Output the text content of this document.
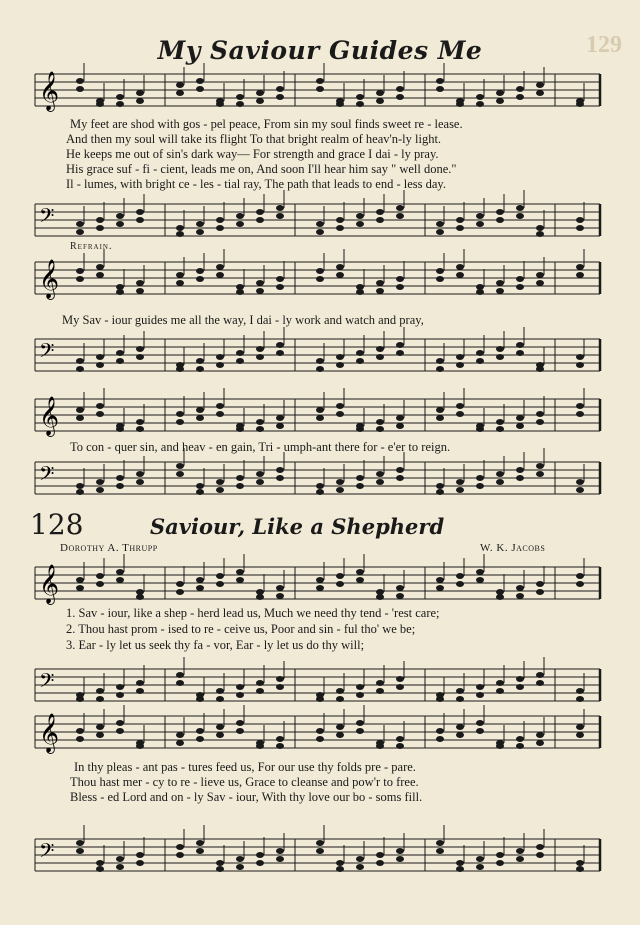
129
My Saviour Guides Me
𝄞
My feet are shod with gos - pel peace, From sin my soul finds sweet re - lease.
And then my soul will take its flight To that bright realm of heav'n-ly light.
He keeps me out of sin's dark way— For strength and grace I dai - ly pray.
His grace suf - fi - cient, leads me on, And soon I'll hear him say " well done."
Il - lumes, with bright ce - les - tial ray, The path that leads to end - less day.
𝄢
Refrain.
𝄞
My Sav - iour guides me all the way, I dai - ly work and watch and pray,
𝄢
𝄞
To con - quer sin, and heav - en gain, Tri - umph-ant there for - e'er to reign.
𝄢
128	Saviour, Like a Shepherd
Dorothy A. Thrupp	W. K. Jacobs
𝄞
1. Sav - iour, like a shep - herd lead us, Much we need thy tend - 'rest care;
2. Thou hast prom - ised to re - ceive us, Poor and sin - ful tho' we be;
3. Ear - ly let us seek thy fa - vor, Ear - ly let us do thy will;
𝄢
𝄞
In thy pleas - ant pas - tures feed us, For our use thy folds pre - pare.
Thou hast mer - cy to re - lieve us, Grace to cleanse and pow'r to free.
Bless - ed Lord and on - ly Sav - iour, With thy love our bo - soms fill.
𝄢
